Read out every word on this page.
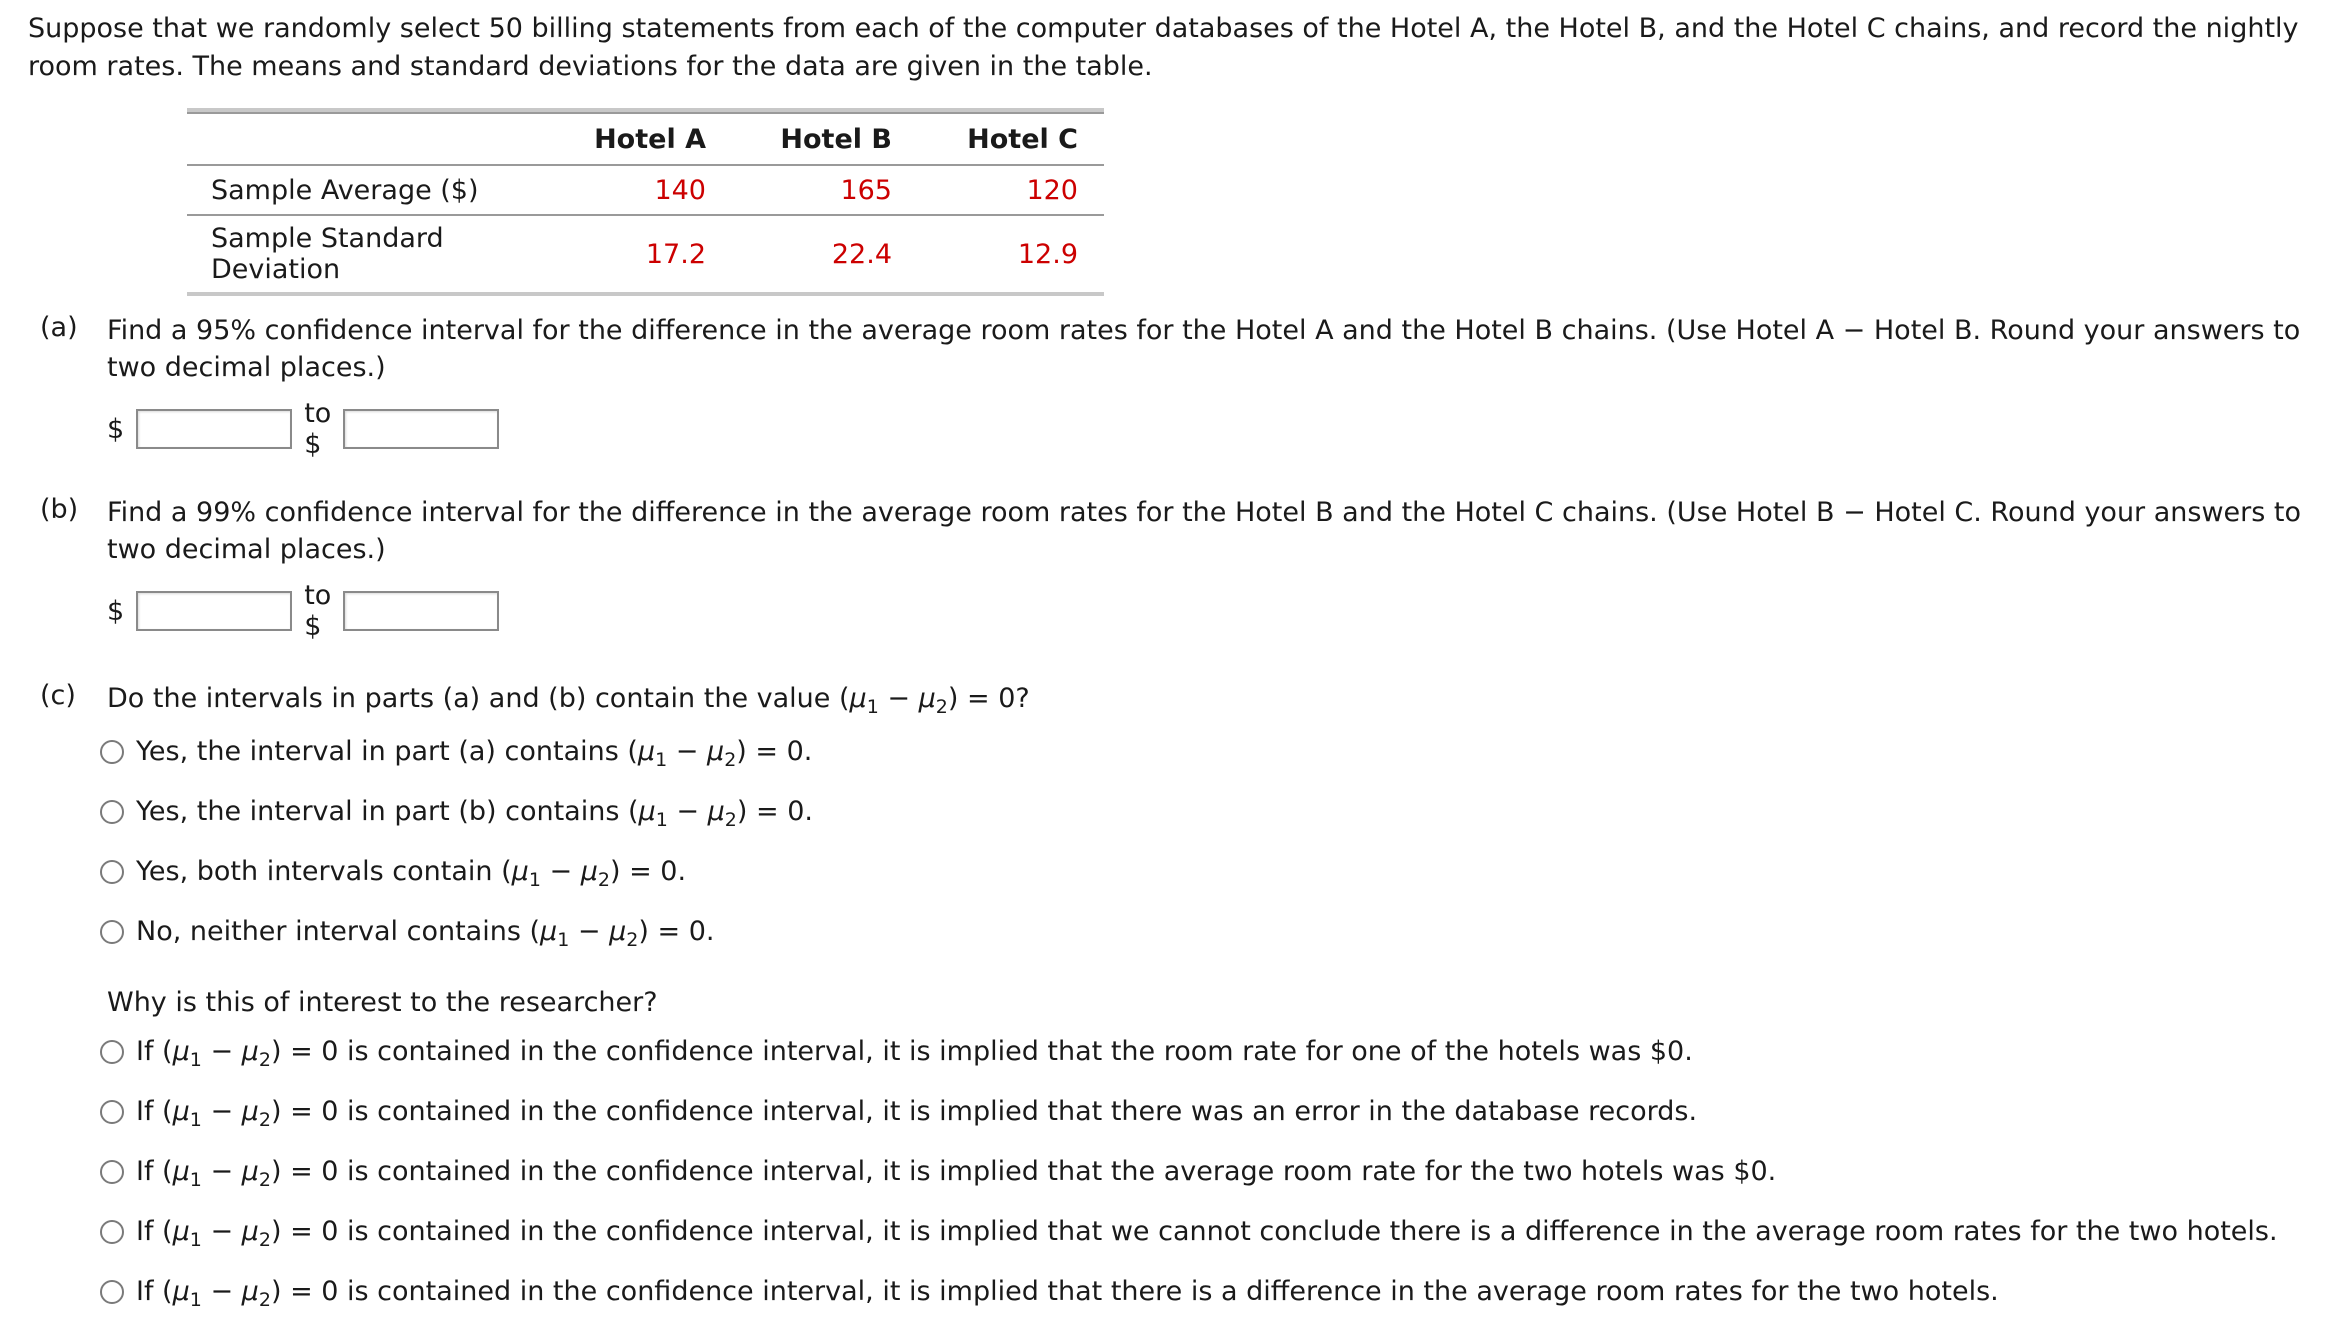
Suppose that we randomly select 50 billing statements from each of the computer databases of the Hotel A, the Hotel B, and the Hotel C chains, and record the nightly room rates. The means and standard deviations for the data are given in the table.

	Hotel A	Hotel B	Hotel C
Sample Average ($)	140	165	120
Sample Standard Deviation	17.2	22.4	12.9
(a) Find a 95% confidence interval for the difference in the average room rates for the Hotel A and the Hotel B chains. (Use Hotel A − Hotel B. Round your answers to two decimal places.)
$	to $
(b) Find a 99% confidence interval for the difference in the average room rates for the Hotel B and the Hotel C chains. (Use Hotel B − Hotel C. Round your answers to two decimal places.)
$	to $
(c) Do the intervals in parts (a) and (b) contain the value $(\mu_1 - \mu_2) = 0$?
Yes, the interval in part (a) contains $(\mu_1 - \mu_2) = 0$.
Yes, the interval in part (b) contains $(\mu_1 - \mu_2) = 0$.
Yes, both intervals contain $(\mu_1 - \mu_2) = 0$.
No, neither interval contains $(\mu_1 - \mu_2) = 0$.
Why is this of interest to the researcher?
If $(\mu_1 - \mu_2) = 0$ is contained in the confidence interval, it is implied that the room rate for one of the hotels was $0.
If $(\mu_1 - \mu_2) = 0$ is contained in the confidence interval, it is implied that there was an error in the database records.
If $(\mu_1 - \mu_2) = 0$ is contained in the confidence interval, it is implied that the average room rate for the two hotels was $0.
If $(\mu_1 - \mu_2) = 0$ is contained in the confidence interval, it is implied that we cannot conclude there is a difference in the average room rates for the two hotels.
If $(\mu_1 - \mu_2) = 0$ is contained in the confidence interval, it is implied that there is a difference in the average room rates for the two hotels.
